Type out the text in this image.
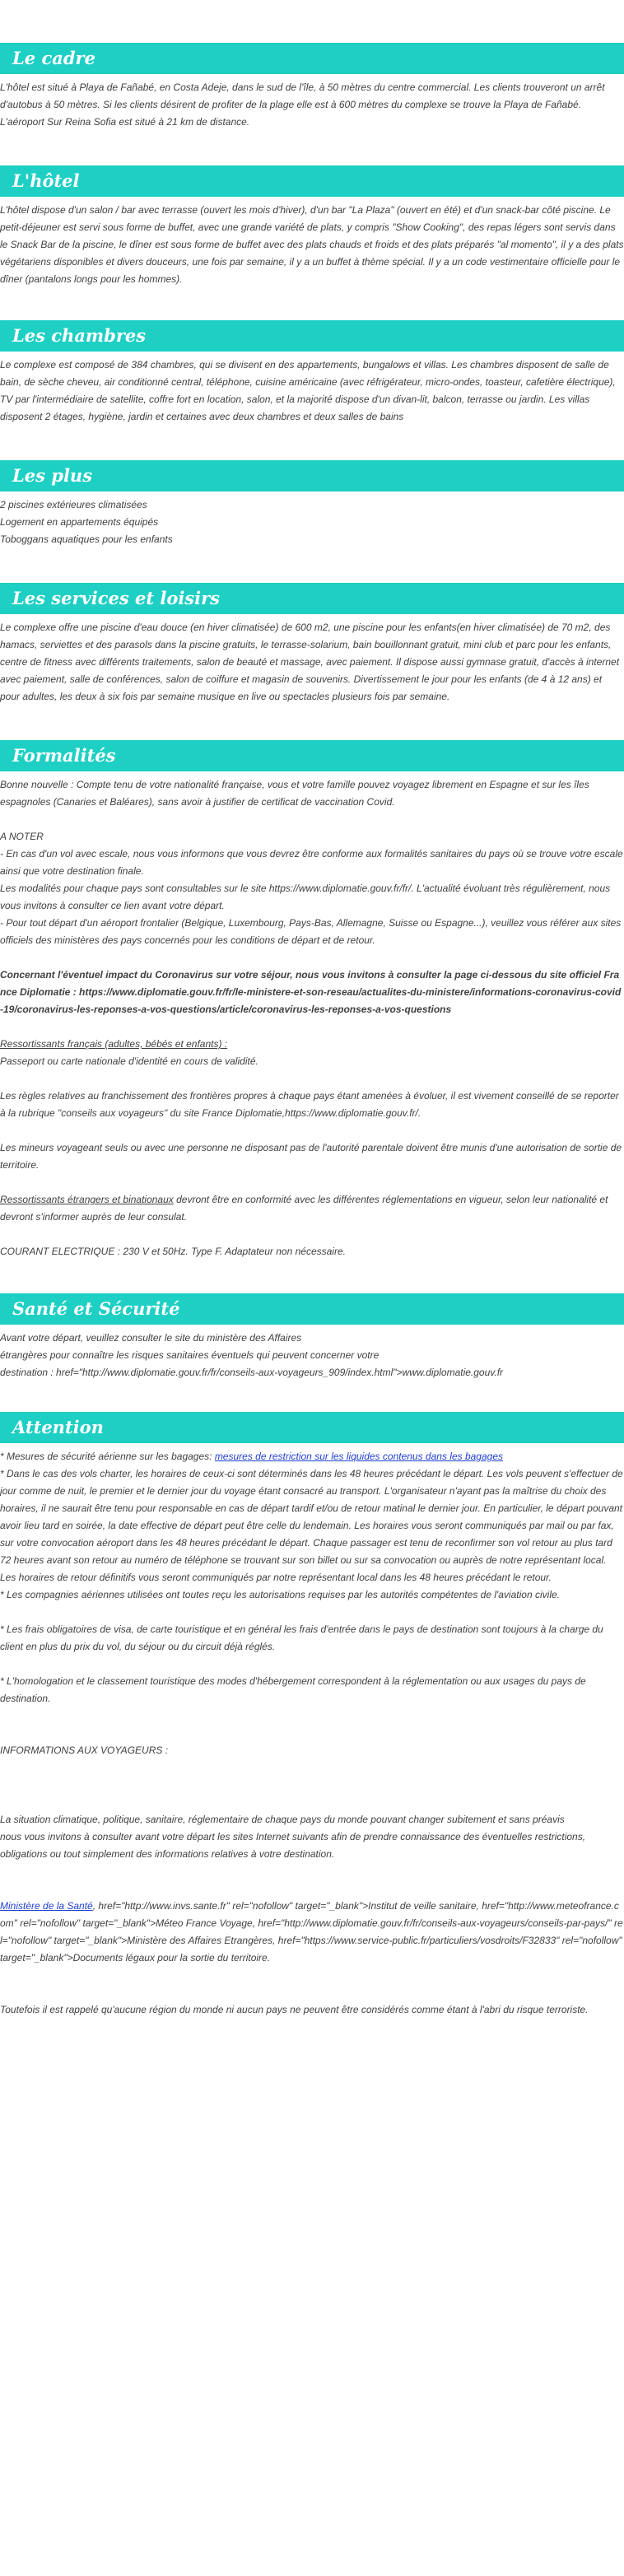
Le cadre

L'hôtel est situé à Playa de Fañabé, en Costa Adeje, dans le sud de l'île, à 50 mètres du centre commercial. Les clients trouveront un arrêt d'autobus à 50 mètres. Si les clients désirent de profiter de la plage elle est à 600 mètres du complexe se trouve la Playa de Fañabé. L'aéroport Sur Reina Sofia est situé à 21 km de distance.

L'hôtel

L'hôtel dispose d'un salon / bar avec terrasse (ouvert les mois d'hiver), d'un bar "La Plaza" (ouvert en été) et d'un snack-bar côté piscine. Le petit-déjeuner est servi sous forme de buffet, avec une grande variété de plats, y compris "Show Cooking", des repas légers sont servis dans le Snack Bar de la piscine, le dîner est sous forme de buffet avec des plats chauds et froids et des plats préparés "al momento", il y a des plats végétariens disponibles et divers douceurs, une fois par semaine, il y a un buffet à thème spécial. Il y a un code vestimentaire officielle pour le dîner (pantalons longs pour les hommes).

Les chambres

Le complexe est composé de 384 chambres, qui se divisent en des appartements, bungalows et villas. Les chambres disposent de salle de bain, de sèche cheveu, air conditionné central, téléphone, cuisine américaine (avec réfrigérateur, micro-ondes, toasteur, cafetière électrique), TV par l'intermédiaire de satellite, coffre fort en location, salon, et la majorité dispose d'un divan-lit, balcon, terrasse ou jardin. Les villas disposent 2 étages, hygiène, jardin et certaines avec deux chambres et deux salles de bains

Les plus

2 piscines extérieures climatisées

Logement en appartements équipés

Toboggans aquatiques pour les enfants

Les services et loisirs

Le complexe offre une piscine d'eau douce (en hiver climatisée) de 600 m2, une piscine pour les enfants(en hiver climatisée) de 70 m2, des hamacs, serviettes et des parasols dans la piscine gratuits, le terrasse-solarium, bain bouillonnant gratuit, mini club et parc pour les enfants, centre de fitness avec différents traitements, salon de beauté et massage, avec paiement. Il dispose aussi gymnase gratuit, d'accès à internet avec paiement, salle de conférences, salon de coiffure et magasin de souvenirs. Divertissement le jour pour les enfants (de 4 à 12 ans) et pour adultes, les deux à six fois par semaine musique en live ou spectacles plusieurs fois par semaine.

Formalités

Bonne nouvelle : Compte tenu de votre nationalité française, vous et votre famille pouvez voyagez librement en Espagne et sur les îles espagnoles (Canaries et Baléares), sans avoir à justifier de certificat de vaccination Covid.

A NOTER

- En cas d'un vol avec escale, nous vous informons que vous devrez être conforme aux formalités sanitaires du pays où se trouve votre escale ainsi que votre destination finale.

Les modalités pour chaque pays sont consultables sur le site https://www.diplomatie.gouv.fr/fr/. L'actualité évoluant très régulièrement, nous vous invitons à consulter ce lien avant votre départ.

- Pour tout départ d'un aéroport frontalier (Belgique, Luxembourg, Pays-Bas, Allemagne, Suisse ou Espagne...), veuillez vous référer aux sites officiels des ministères des pays concernés pour les conditions de départ et de retour.

Concernant l'éventuel impact du Coronavirus sur votre séjour, nous vous invitons à consulter la page ci-dessous du site officiel France Diplomatie : https://www.diplomatie.gouv.fr/fr/le-ministere-et-son-reseau/actualites-du-ministere/informations-coronavirus-covid-19/coronavirus-les-reponses-a-vos-questions/article/coronavirus-les-reponses-a-vos-questions

Ressortissants français (adultes, bébés et enfants) :

Passeport ou carte nationale d'identité en cours de validité.

Les règles relatives au franchissement des frontières propres à chaque pays étant amenées à évoluer, il est vivement conseillé de se reporter à la rubrique "conseils aux voyageurs" du site France Diplomatie,https://www.diplomatie.gouv.fr/.

Les mineurs voyageant seuls ou avec une personne ne disposant pas de l'autorité parentale doivent être munis d'une autorisation de sortie de territoire.

Ressortissants étrangers et binationaux devront être en conformité avec les différentes réglementations en vigueur, selon leur nationalité et devront s'informer auprès de leur consulat.

COURANT ELECTRIQUE : 230 V et 50Hz. Type F. Adaptateur non nécessaire.

Santé et Sécurité

Avant votre départ, veuillez consulter le site du ministère des Affaires

étrangères pour connaître les risques sanitaires éventuels qui peuvent concerner votre

destination : href="http://www.diplomatie.gouv.fr/fr/conseils-aux-voyageurs_909/index.html">www.diplomatie.gouv.fr

Attention

* Mesures de sécurité aérienne sur les bagages: mesures de restriction sur les liquides contenus dans les bagages

* Dans le cas des vols charter, les horaires de ceux-ci sont déterminés dans les 48 heures précédant le départ. Les vols peuvent s'effectuer de jour comme de nuit, le premier et le dernier jour du voyage étant consacré au transport. L'organisateur n'ayant pas la maîtrise du choix des horaires, il ne saurait être tenu pour responsable en cas de départ tardif et/ou de retour matinal le dernier jour. En particulier, le départ pouvant avoir lieu tard en soirée, la date effective de départ peut être celle du lendemain. Les horaires vous seront communiqués par mail ou par fax, sur votre convocation aéroport dans les 48 heures précédant le départ. Chaque passager est tenu de reconfirmer son vol retour au plus tard 72 heures avant son retour au numéro de téléphone se trouvant sur son billet ou sur sa convocation ou auprès de notre représentant local. Les horaires de retour définitifs vous seront communiqués par notre représentant local dans les 48 heures précédant le retour.

* Les compagnies aériennes utilisées ont toutes reçu les autorisations requises par les autorités compétentes de l'aviation civile.

* Les frais obligatoires de visa, de carte touristique et en général les frais d'entrée dans le pays de destination sont toujours à la charge du client en plus du prix du vol, du séjour ou du circuit déjà réglés.

* L'homologation et le classement touristique des modes d'hébergement correspondent à la réglementation ou aux usages du pays de destination.

INFORMATIONS AUX VOYAGEURS :

La situation climatique, politique, sanitaire, réglementaire de chaque pays du monde pouvant changer subitement et sans préavis

nous vous invitons à consulter avant votre départ les sites Internet suivants afin de prendre connaissance des éventuelles restrictions, obligations ou tout simplement des informations relatives à votre destination.

Ministère de la Santé, href="http://www.invs.sante.fr" rel="nofollow" target="_blank">Institut de veille sanitaire, href="http://www.meteofrance.com" rel="nofollow" target="_blank">Méteo France Voyage, href="http://www.diplomatie.gouv.fr/fr/conseils-aux-voyageurs/conseils-par-pays/" rel="nofollow" target="_blank">Ministère des Affaires Etrangères, href="https://www.service-public.fr/particuliers/vosdroits/F32833" rel="nofollow" target="_blank">Documents légaux pour la sortie du territoire.

Toutefois il est rappelé qu'aucune région du monde ni aucun pays ne peuvent être considérés comme étant à l'abri du risque terroriste.
